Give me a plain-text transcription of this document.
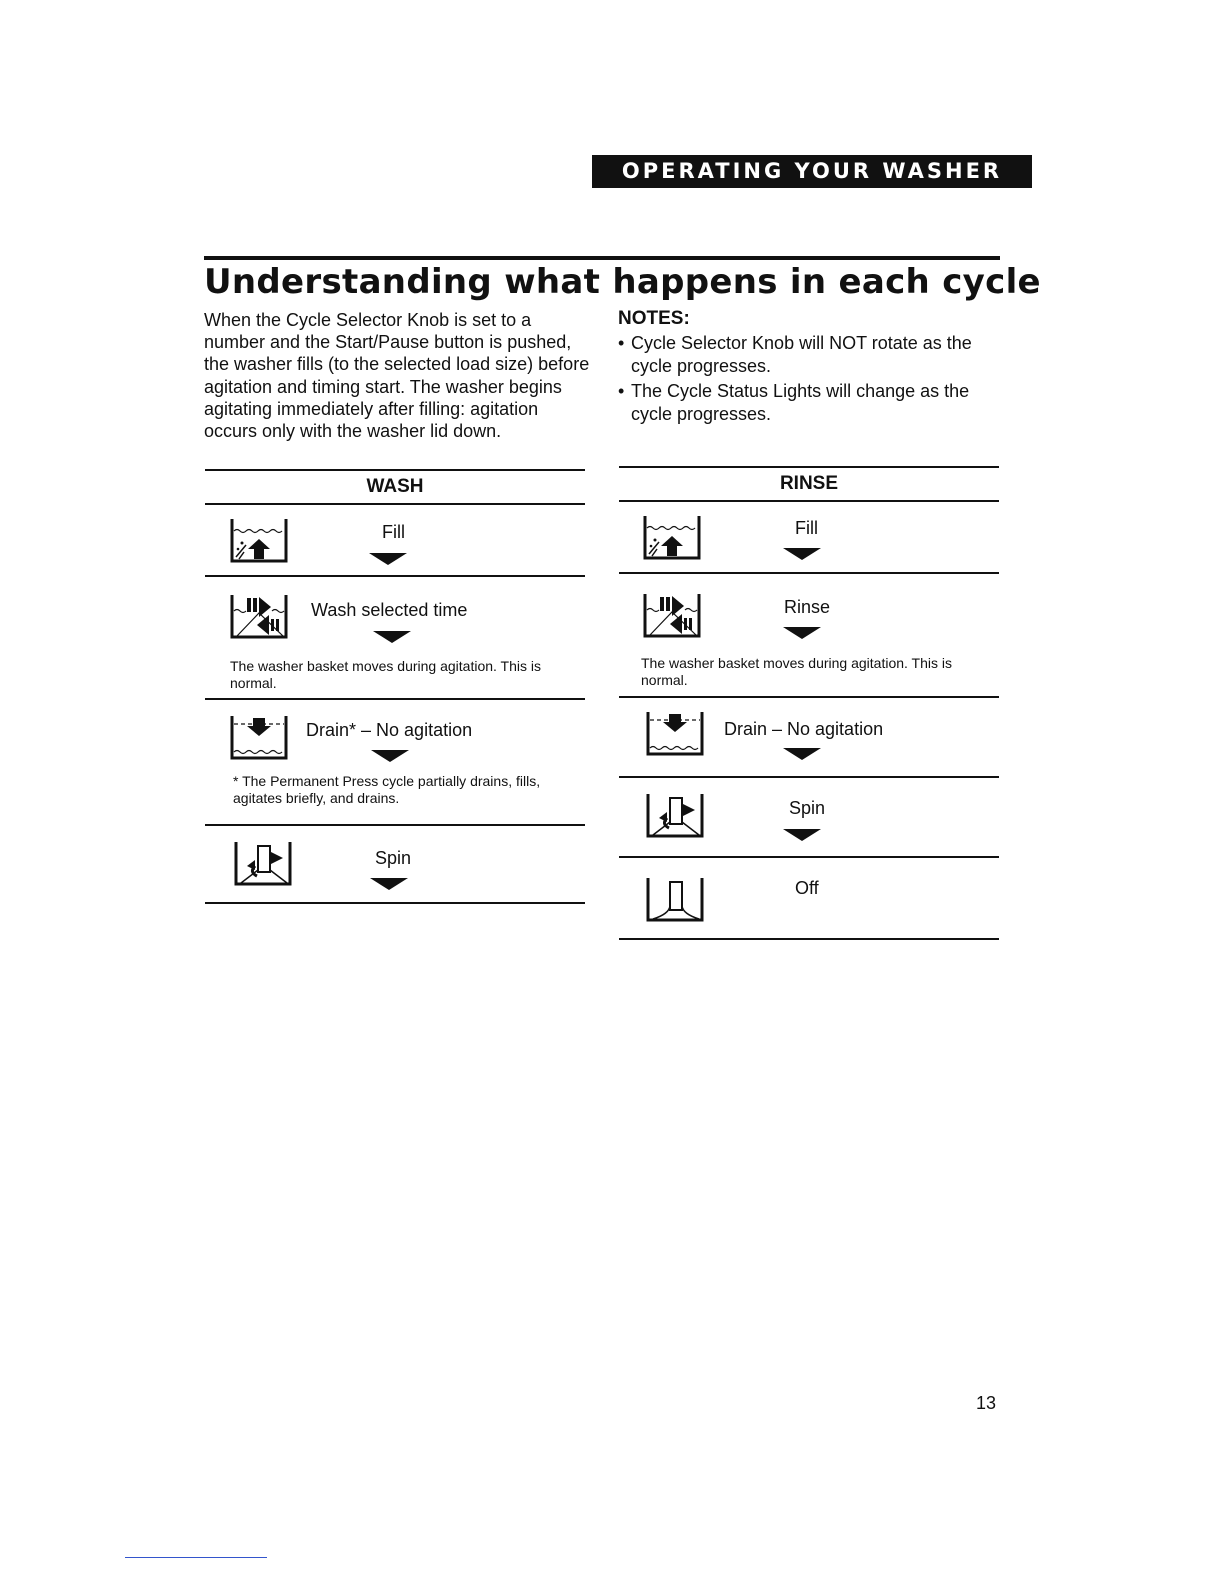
OPERATING YOUR WASHER
Understanding what happens in each cycle

When the Cycle Selector Knob is set to a number and the Start/Pause button is pushed, the washer fills (to the selected load size) before agitation and timing start. The washer begins agitating immediately after filling: agitation occurs only with the washer lid down.

NOTES:
• Cycle Selector Knob will NOT rotate as the cycle progresses.
• The Cycle Status Lights will change as the cycle progresses.
WASH
Fill
Wash selected time
The washer basket moves during agitation. This is normal.
Drain* – No agitation
* The Permanent Press cycle partially drains, fills, agitates briefly, and drains.
Spin
RINSE
Fill
Rinse
The washer basket moves during agitation. This is normal.
Drain – No agitation
Spin
Off
13
